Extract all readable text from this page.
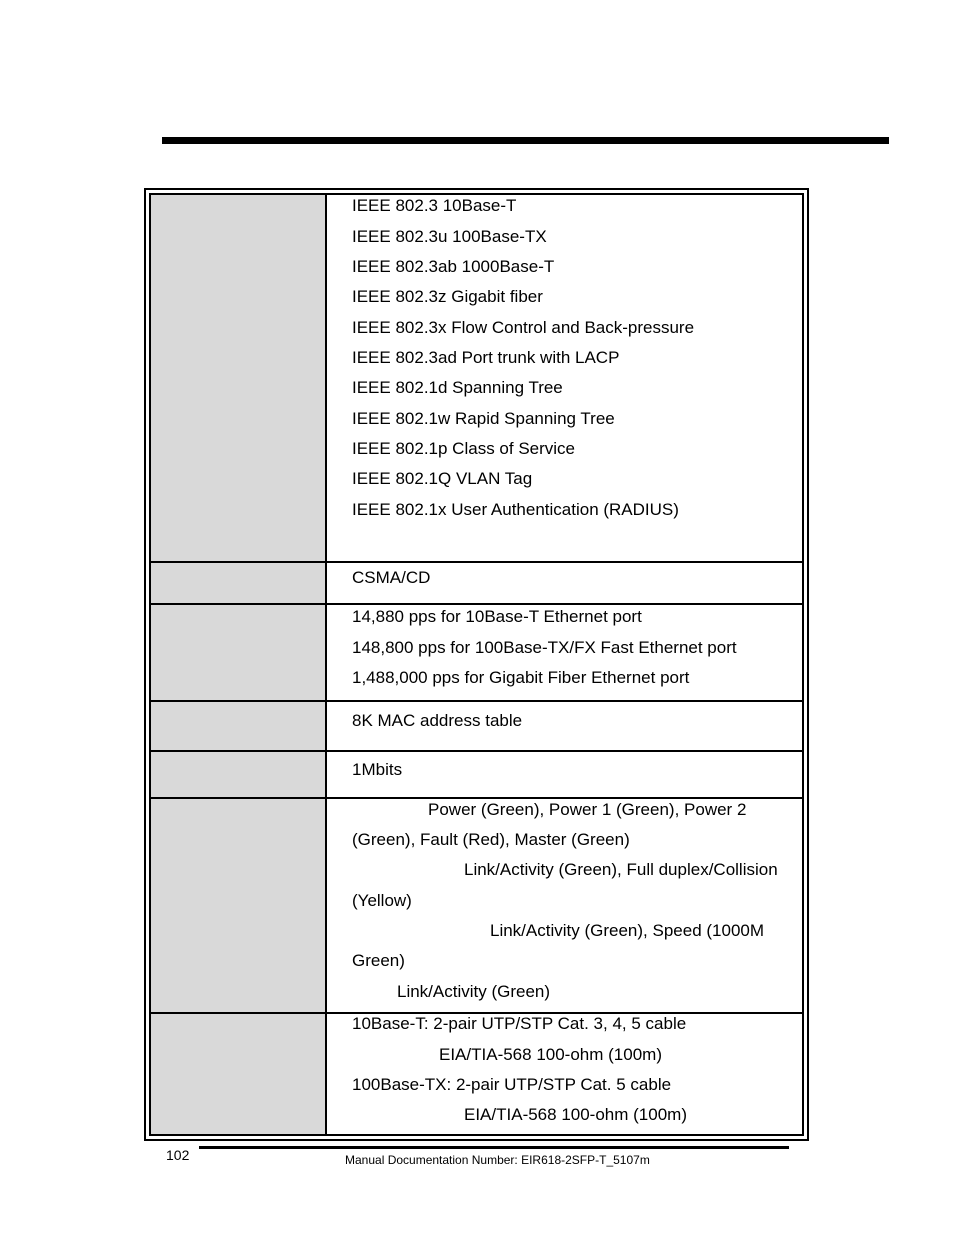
IEEE 802.3 10Base-T
IEEE 802.3u 100Base-TX
IEEE 802.3ab 1000Base-T
IEEE 802.3z Gigabit fiber
IEEE 802.3x Flow Control and Back-pressure
IEEE 802.3ad Port trunk with LACP
IEEE 802.1d Spanning Tree
IEEE 802.1w Rapid Spanning Tree
IEEE 802.1p Class of Service
IEEE 802.1Q VLAN Tag
IEEE 802.1x User Authentication (RADIUS)
CSMA/CD
14,880 pps for 10Base-T Ethernet port
148,800 pps for 100Base-TX/FX Fast Ethernet port
1,488,000 pps for Gigabit Fiber Ethernet port
8K MAC address table
1Mbits
Power (Green), Power 1 (Green), Power 2
(Green), Fault (Red), Master (Green)
Link/Activity (Green), Full duplex/Collision
(Yellow)
Link/Activity (Green), Speed (1000M
Green)
Link/Activity (Green)
10Base-T: 2-pair UTP/STP Cat. 3, 4, 5 cable
EIA/TIA-568 100-ohm (100m)
100Base-TX: 2-pair UTP/STP Cat. 5 cable
EIA/TIA-568 100-ohm (100m)
102	Manual Documentation Number: EIR618-2SFP-T_5107m
